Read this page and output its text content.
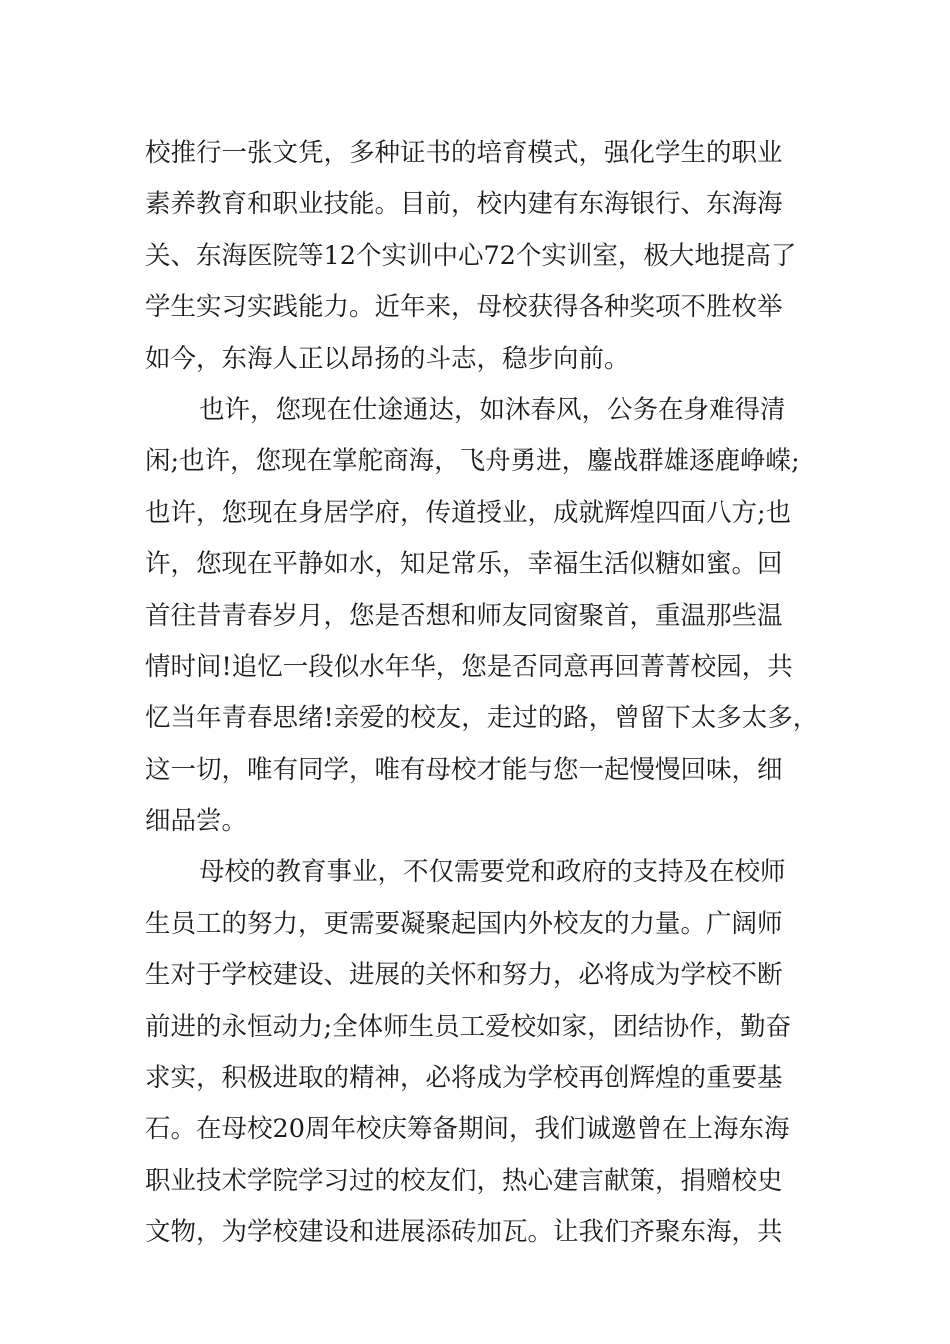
校推行一张文凭，多种证书的培育模式，强化学生的职业
素养教育和职业技能。目前，校内建有东海银行、东海海
关、东海医院等12个实训中心72个实训室，极大地提高了
学生实习实践能力。近年来，母校获得各种奖项不胜枚举
如今，东海人正以昂扬的斗志，稳步向前。
也许，您现在仕途通达，如沐春风，公务在身难得清
闲;也许，您现在掌舵商海，飞舟勇进，鏖战群雄逐鹿峥嵘;
也许，您现在身居学府，传道授业，成就辉煌四面八方;也
许，您现在平静如水，知足常乐，幸福生活似糖如蜜。回
首往昔青春岁月，您是否想和师友同窗聚首，重温那些温
情时间!追忆一段似水年华，您是否同意再回菁菁校园，共
忆当年青春思绪!亲爱的校友，走过的路，曾留下太多太多，
这一切，唯有同学，唯有母校才能与您一起慢慢回味，细
细品尝。
母校的教育事业，不仅需要党和政府的支持及在校师
生员工的努力，更需要凝聚起国内外校友的力量。广阔师
生对于学校建设、进展的关怀和努力，必将成为学校不断
前进的永恒动力;全体师生员工爱校如家，团结协作，勤奋
求实，积极进取的精神，必将成为学校再创辉煌的重要基
石。在母校20周年校庆筹备期间，我们诚邀曾在上海东海
职业技术学院学习过的校友们，热心建言献策，捐赠校史
文物，为学校建设和进展添砖加瓦。让我们齐聚东海，共
